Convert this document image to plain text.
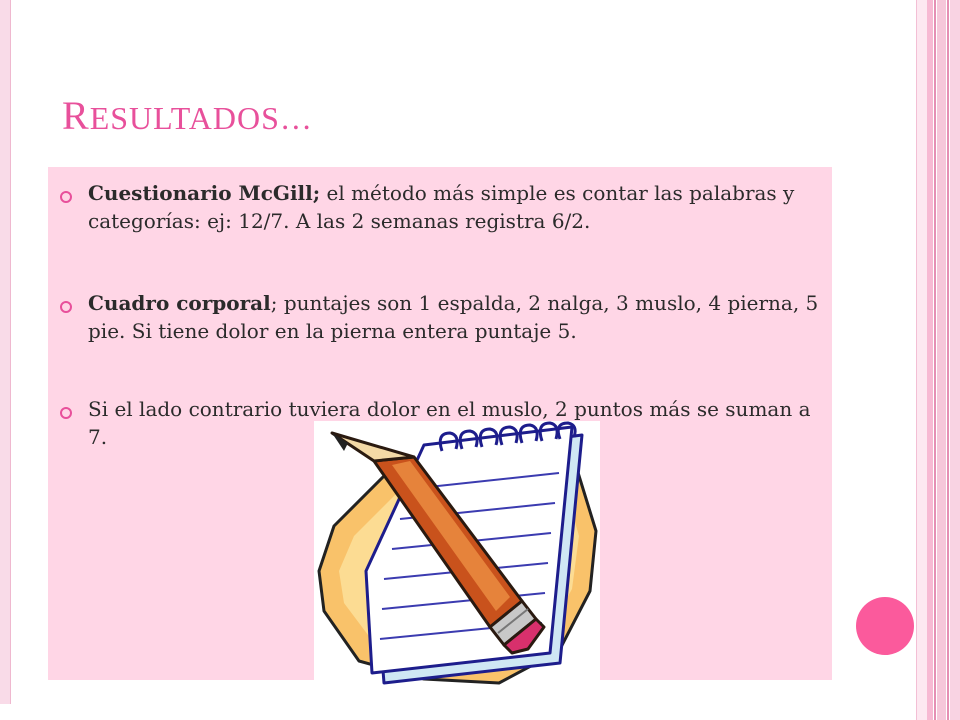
RESULTADOS…
Cuestionario McGill; el método más simple es contar las palabras y categorías: ej: 12/7. A las 2 semanas registra 6/2.
Cuadro corporal; puntajes son 1 espalda, 2 nalga, 3 muslo, 4 pierna, 5 pie. Si tiene dolor en la pierna entera puntaje 5.
Si el lado contrario tuviera dolor en el muslo, 2 puntos más se suman a 7.
